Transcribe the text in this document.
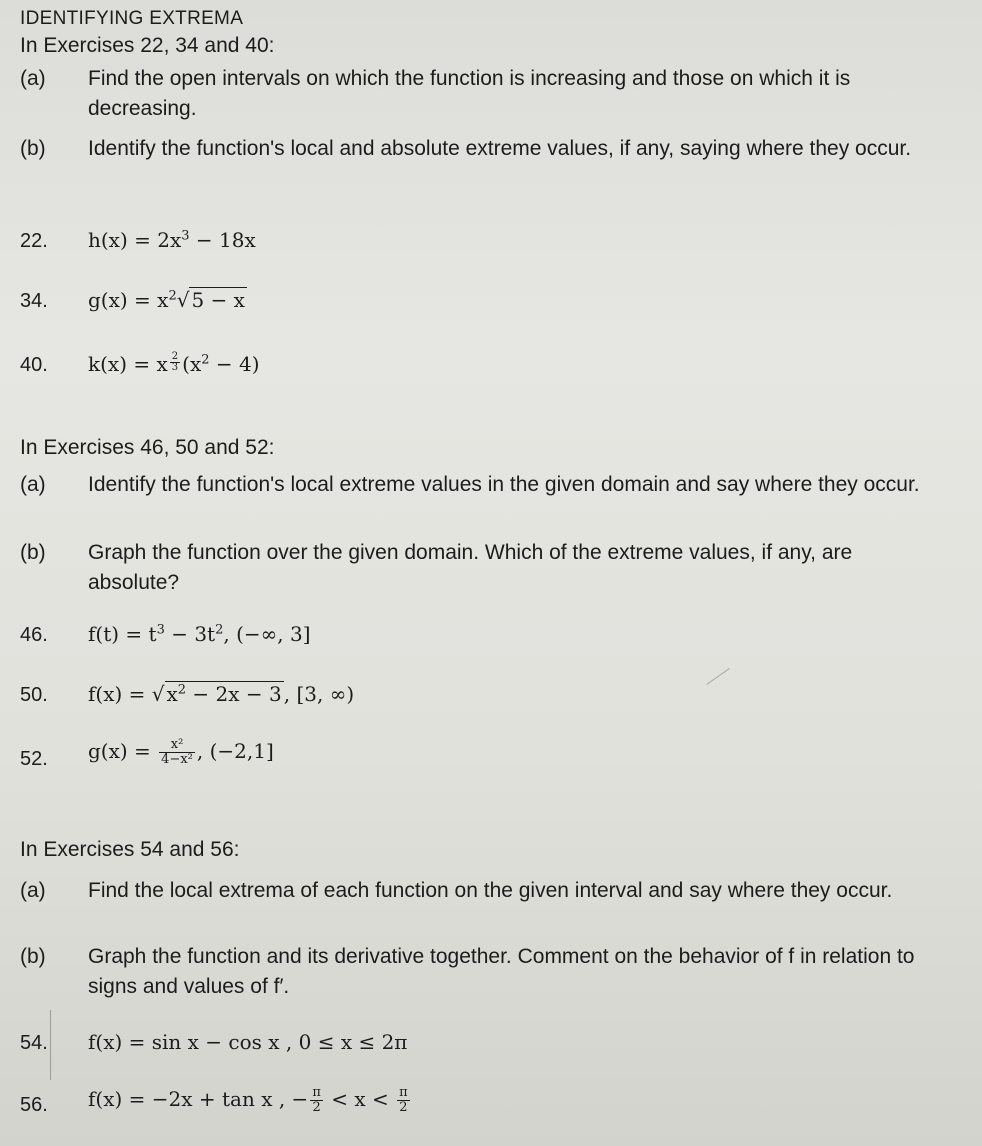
IDENTIFYING EXTREMA
In Exercises 22, 34 and 40:
(a) Find the open intervals on which the function is increasing and those on which it is decreasing.
(b) Identify the function's local and absolute extreme values, if any, saying where they occur.
22. $h(x) = 2x^3 - 18x$
34. $g(x) = x^2√$ 5 − x
40. k(x) = x $\frac{2}{3} (x^2 - 4)$
In Exercises 46, 50 and 52:
(a) Identify the function's local extreme values in the given domain and say where they occur.
(b) Graph the function over the given domain. Which of the extreme values, if any, are absolute?
46. $f(t) = t^3 - 3t^2$, (−∞, 3]
50. f(x) = √ $x^2 - 2x - 3$ , [3, ∞)
52. $g(x) = \frac{\text{x²}}{\text{4−x²}}$ , (−2,1]
In Exercises 54 and 56:
(a) Find the local extrema of each function on the given interval and say where they occur.
(b) Graph the function and its derivative together. Comment on the behavior of f in relation to signs and values of f′.
54. f(x) = sin x − cos x , 0 ≤ x ≤ 2π
56. f(x) = −2x + tan x , − $\frac{\pi}{2} < x < \frac{\pi}{2}$
